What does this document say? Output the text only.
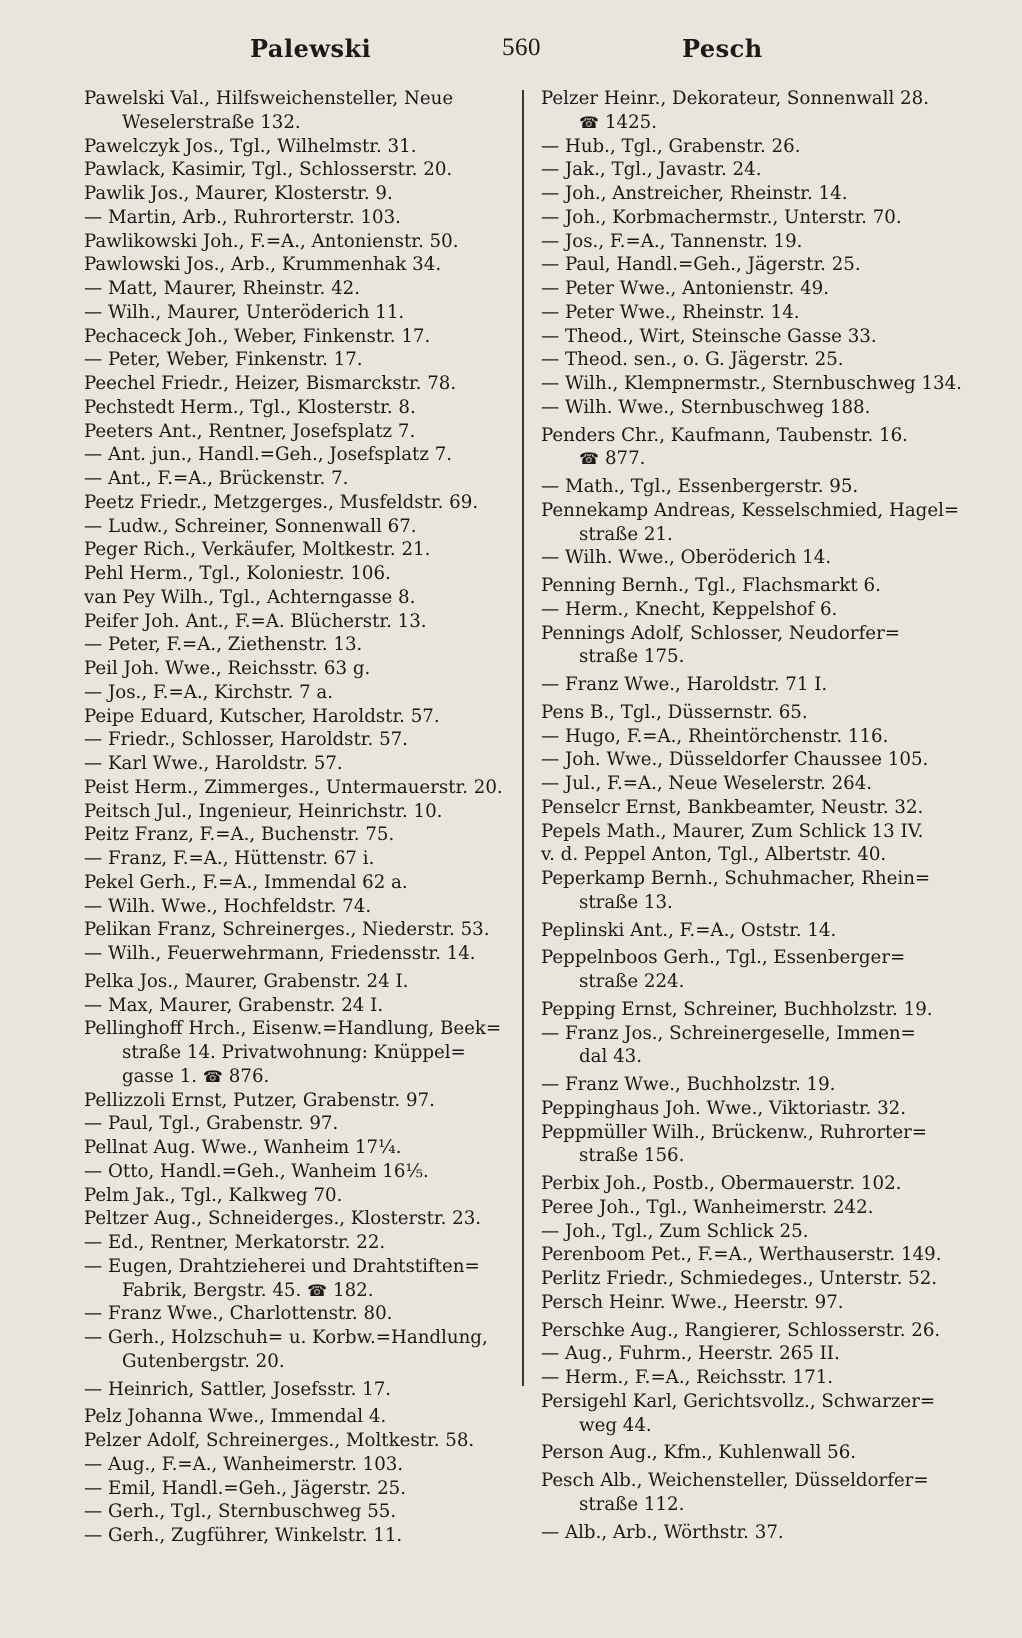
Palewski	560	Pesch
Pawelski Val., Hilfsweichensteller, Neue
Weselerstraße 132.
Pawelczyk Jos., Tgl., Wilhelmstr. 31.
Pawlack, Kasimir, Tgl., Schlosserstr. 20.
Pawlik Jos., Maurer, Klosterstr. 9.
— Martin, Arb., Ruhrorterstr. 103.
Pawlikowski Joh., F.=A., Antonienstr. 50.
Pawlowski Jos., Arb., Krummenhak 34.
— Matt, Maurer, Rheinstr. 42.
— Wilh., Maurer, Unteröderich 11.
Pechaceck Joh., Weber, Finkenstr. 17.
— Peter, Weber, Finkenstr. 17.
Peechel Friedr., Heizer, Bismarckstr. 78.
Pechstedt Herm., Tgl., Klosterstr. 8.
Peeters Ant., Rentner, Josefsplatz 7.
— Ant. jun., Handl.=Geh., Josefsplatz 7.
— Ant., F.=A., Brückenstr. 7.
Peetz Friedr., Metzgerges., Musfeldstr. 69.
— Ludw., Schreiner, Sonnenwall 67.
Peger Rich., Verkäufer, Moltkestr. 21.
Pehl Herm., Tgl., Koloniestr. 106.
van Pey Wilh., Tgl., Achterngasse 8.
Peifer Joh. Ant., F.=A. Blücherstr. 13.
— Peter, F.=A., Ziethenstr. 13.
Peil Joh. Wwe., Reichsstr. 63 g.
— Jos., F.=A., Kirchstr. 7 a.
Peipe Eduard, Kutscher, Haroldstr. 57.
— Friedr., Schlosser, Haroldstr. 57.
— Karl Wwe., Haroldstr. 57.
Peist Herm., Zimmerges., Untermauerstr. 20.
Peitsch Jul., Ingenieur, Heinrichstr. 10.
Peitz Franz, F.=A., Buchenstr. 75.
— Franz, F.=A., Hüttenstr. 67 i.
Pekel Gerh., F.=A., Immendal 62 a.
— Wilh. Wwe., Hochfeldstr. 74.
Pelikan Franz, Schreinerges., Niederstr. 53.
— Wilh., Feuerwehrmann, Friedensstr. 14.
Pelka Jos., Maurer, Grabenstr. 24 I.
— Max, Maurer, Grabenstr. 24 I.
Pellinghoff Hrch., Eisenw.=Handlung, Beek=
straße 14. Privatwohnung: Knüppel=
gasse 1. ☎ 876.
Pellizzoli Ernst, Putzer, Grabenstr. 97.
— Paul, Tgl., Grabenstr. 97.
Pellnat Aug. Wwe., Wanheim 17¼.
— Otto, Handl.=Geh., Wanheim 16⅕.
Pelm Jak., Tgl., Kalkweg 70.
Peltzer Aug., Schneiderges., Klosterstr. 23.
— Ed., Rentner, Merkatorstr. 22.
— Eugen, Drahtzieherei und Drahtstiften=
Fabrik, Bergstr. 45. ☎ 182.
— Franz Wwe., Charlottenstr. 80.
— Gerh., Holzschuh= u. Korbw.=Handlung,
Gutenbergstr. 20.
— Heinrich, Sattler, Josefsstr. 17.
Pelz Johanna Wwe., Immendal 4.
Pelzer Adolf, Schreinerges., Moltkestr. 58.
— Aug., F.=A., Wanheimerstr. 103.
— Emil, Handl.=Geh., Jägerstr. 25.
— Gerh., Tgl., Sternbuschweg 55.
— Gerh., Zugführer, Winkelstr. 11.
Pelzer Heinr., Dekorateur, Sonnenwall 28.
☎ 1425.
— Hub., Tgl., Grabenstr. 26.
— Jak., Tgl., Javastr. 24.
— Joh., Anstreicher, Rheinstr. 14.
— Joh., Korbmachermstr., Unterstr. 70.
— Jos., F.=A., Tannenstr. 19.
— Paul, Handl.=Geh., Jägerstr. 25.
— Peter Wwe., Antonienstr. 49.
— Peter Wwe., Rheinstr. 14.
— Theod., Wirt, Steinsche Gasse 33.
— Theod. sen., o. G. Jägerstr. 25.
— Wilh., Klempnermstr., Sternbuschweg 134.
— Wilh. Wwe., Sternbuschweg 188.
Penders Chr., Kaufmann, Taubenstr. 16.
☎ 877.
— Math., Tgl., Essenbergerstr. 95.
Pennekamp Andreas, Kesselschmied, Hagel=
straße 21.
— Wilh. Wwe., Oberöderich 14.
Penning Bernh., Tgl., Flachsmarkt 6.
— Herm., Knecht, Keppelshof 6.
Pennings Adolf, Schlosser, Neudorfer=
straße 175.
— Franz Wwe., Haroldstr. 71 I.
Pens B., Tgl., Düssernstr. 65.
— Hugo, F.=A., Rheintörchenstr. 116.
— Joh. Wwe., Düsseldorfer Chaussee 105.
— Jul., F.=A., Neue Weselerstr. 264.
Penselcr Ernst, Bankbeamter, Neustr. 32.
Pepels Math., Maurer, Zum Schlick 13 IV.
v. d. Peppel Anton, Tgl., Albertstr. 40.
Peperkamp Bernh., Schuhmacher, Rhein=
straße 13.
Peplinski Ant., F.=A., Oststr. 14.
Peppelnboos Gerh., Tgl., Essenberger=
straße 224.
Pepping Ernst, Schreiner, Buchholzstr. 19.
— Franz Jos., Schreinergeselle, Immen=
dal 43.
— Franz Wwe., Buchholzstr. 19.
Peppinghaus Joh. Wwe., Viktoriastr. 32.
Peppmüller Wilh., Brückenw., Ruhrorter=
straße 156.
Perbix Joh., Postb., Obermauerstr. 102.
Peree Joh., Tgl., Wanheimerstr. 242.
— Joh., Tgl., Zum Schlick 25.
Perenboom Pet., F.=A., Werthauserstr. 149.
Perlitz Friedr., Schmiedeges., Unterstr. 52.
Persch Heinr. Wwe., Heerstr. 97.
Perschke Aug., Rangierer, Schlosserstr. 26.
— Aug., Fuhrm., Heerstr. 265 II.
— Herm., F.=A., Reichsstr. 171.
Persigehl Karl, Gerichtsvollz., Schwarzer=
weg 44.
Person Aug., Kfm., Kuhlenwall 56.
Pesch Alb., Weichensteller, Düsseldorfer=
straße 112.
— Alb., Arb., Wörthstr. 37.
